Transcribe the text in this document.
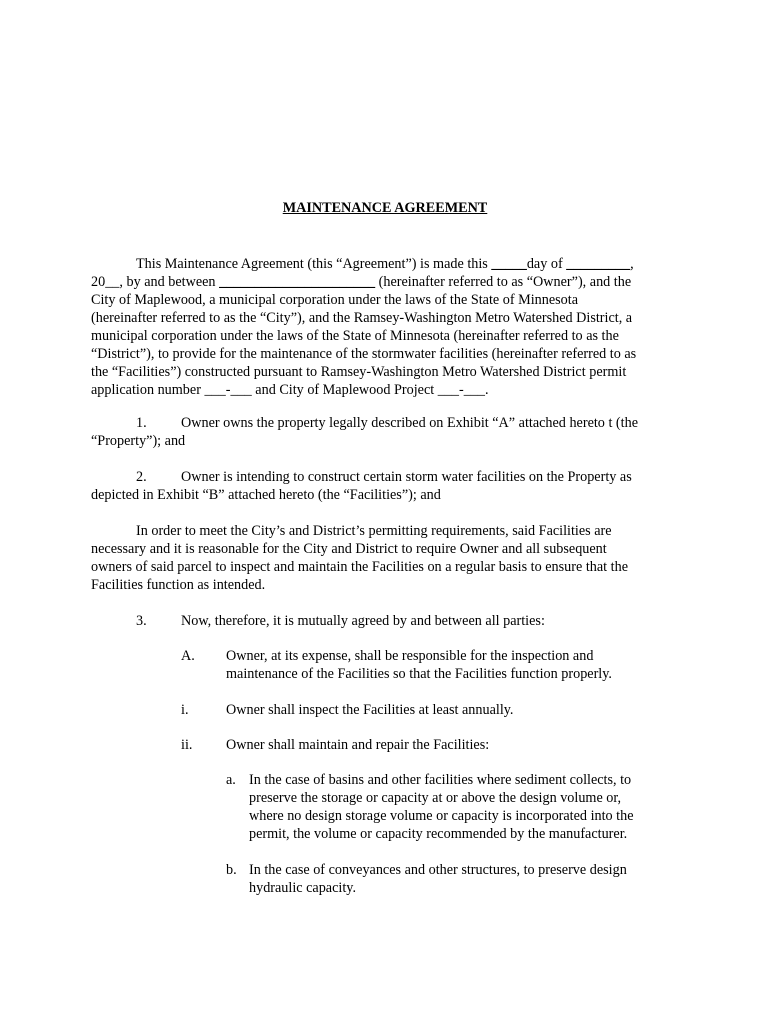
MAINTENANCE AGREEMENT
This Maintenance Agreement (this “Agreement”) is made this _____day of _________,
20__, by and between ______________________ (hereinafter referred to as “Owner”), and the
City of Maplewood, a municipal corporation under the laws of the State of Minnesota
(hereinafter referred to as the “City”), and the Ramsey-Washington Metro Watershed District, a
municipal corporation under the laws of the State of Minnesota (hereinafter referred to as the
“District”), to provide for the maintenance of the stormwater facilities (hereinafter referred to as
the “Facilities”) constructed pursuant to Ramsey-Washington Metro Watershed District permit
application number ___-___ and City of Maplewood Project ___-___.
1. Owner owns the property legally described on Exhibit “A” attached hereto t (the
“Property”); and
2. Owner is intending to construct certain storm water facilities on the Property as
depicted in Exhibit “B” attached hereto (the “Facilities”); and
In order to meet the City’s and District’s permitting requirements, said Facilities are
necessary and it is reasonable for the City and District to require Owner and all subsequent
owners of said parcel to inspect and maintain the Facilities on a regular basis to ensure that the
Facilities function as intended.
3. Now, therefore, it is mutually agreed by and between all parties:
A. Owner, at its expense, shall be responsible for the inspection and
maintenance of the Facilities so that the Facilities function properly.
i.	Owner shall inspect the Facilities at least annually.
ii. Owner shall maintain and repair the Facilities:
a. In the case of basins and other facilities where sediment collects, to
preserve the storage or capacity at or above the design volume or,
where no design storage volume or capacity is incorporated into the
permit, the volume or capacity recommended by the manufacturer.
b. In the case of conveyances and other structures, to preserve design
hydraulic capacity.
